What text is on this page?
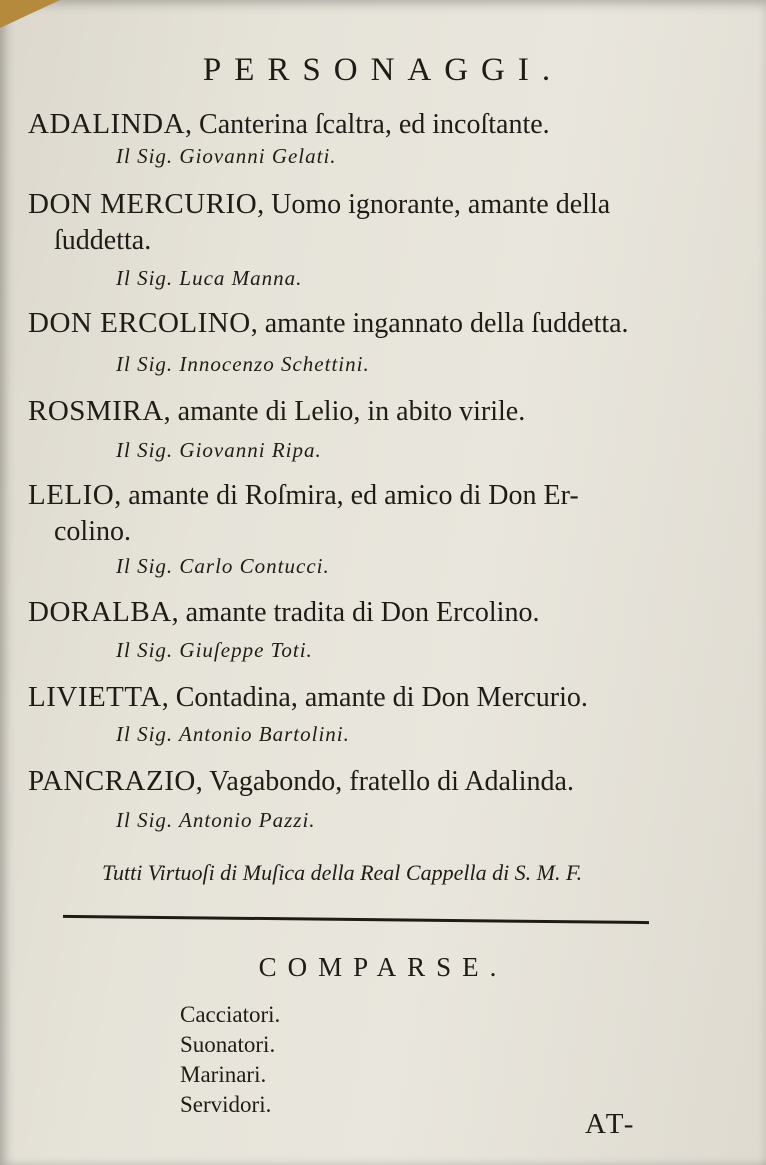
PERSONAGGI.
ADALINDA, Canterina ſcaltra, ed incoſtante.
Il Sig. Giovanni Gelati.
DON MERCURIO, Uomo ignorante, amante della
ſuddetta.
Il Sig. Luca Manna.
DON ERCOLINO, amante ingannato della ſuddetta.
Il Sig. Innocenzo Schettini.
ROSMIRA, amante di Lelio, in abito virile.
Il Sig. Giovanni Ripa.
LELIO, amante di Roſmira, ed amico di Don Er-
colino.
Il Sig. Carlo Contucci.
DORALBA, amante tradita di Don Ercolino.
Il Sig. Giuſeppe Toti.
LIVIETTA, Contadina, amante di Don Mercurio.
Il Sig. Antonio Bartolini.
PANCRAZIO, Vagabondo, fratello di Adalinda.
Il Sig. Antonio Pazzi.
Tutti Virtuoſi di Muſica della Real Cappella di S. M. F.
COMPARSE.
Cacciatori.
Suonatori.
Marinari.
Servidori.
AT-
